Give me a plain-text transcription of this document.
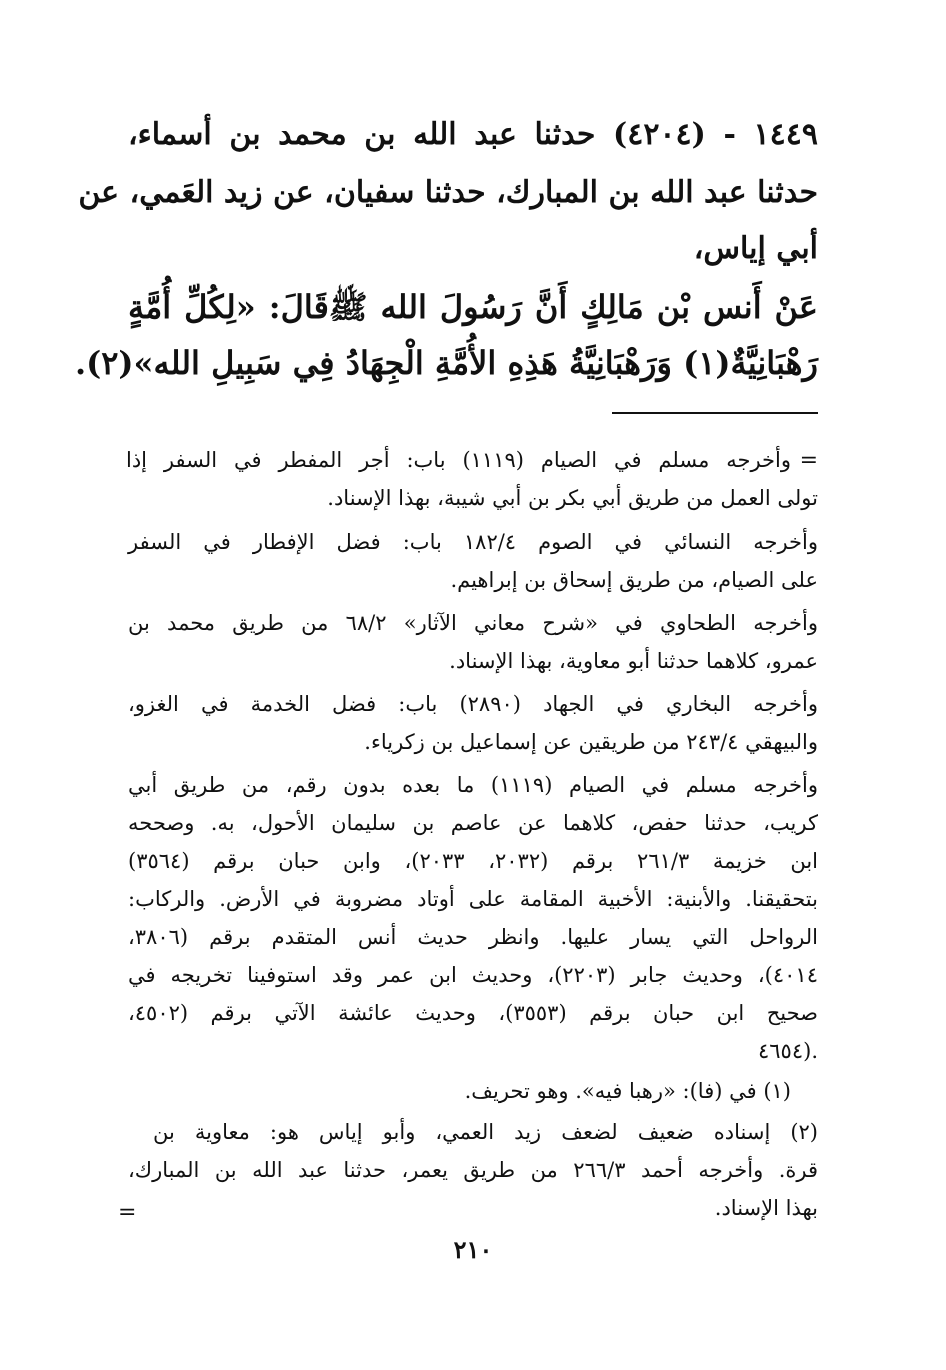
١٤٤٩ - (٤٢٠٤) حدثنا عبد الله بن محمد بن أسماء،
حدثنا عبد الله بن المبارك، حدثنا سفيان، عن زيد العَمي، عن
أبي إياس،
عَنْ أَنس بْن مَالِكٍ أَنَّ رَسُولَ الله ﷺقَالَ: «لِكُلِّ أُمَّةٍ
رَهْبَانِيَّةٌ(١) وَرَهْبَانِيَّةُ هَذِهِ الأُمَّةِ الْجِهَادُ فِي سَبِيلِ الله»(٢).
=
وأخرجه مسلم في الصيام (١١١٩) باب: أجر المفطر في السفر إذا
تولى العمل من طريق أبي بكر بن أبي شيبة، بهذا الإسناد.
وأخرجه النسائي في الصوم ١٨٢/٤ باب: فضل الإفطار في السفر
على الصيام، من طريق إسحاق بن إبراهيم.
وأخرجه الطحاوي في «شرح معاني الآثار» ٦٨/٢ من طريق محمد بن
عمرو، كلاهما حدثنا أبو معاوية، بهذا الإسناد.
وأخرجه البخاري في الجهاد (٢٨٩٠) باب: فضل الخدمة في الغزو،
والبيهقي ٢٤٣/٤ من طريقين عن إسماعيل بن زكرياء.
وأخرجه مسلم في الصيام (١١١٩) ما بعده بدون رقم، من طريق أبي
كريب، حدثنا حفص، كلاهما عن عاصم بن سليمان الأحول، به. وصححه
ابن خزيمة ٢٦١/٣ برقم (٢٠٣٢، ٢٠٣٣)، وابن حبان برقم (٣٥٦٤)
بتحقيقنا. والأبنية: الأخبية المقامة على أوتاد مضروبة في الأرض. والركاب:
الرواحل التي يسار عليها. وانظر حديث أنس المتقدم برقم (٣٨٠٦،
٤٠١٤)، وحديث جابر (٢٢٠٣)، وحديث ابن عمر وقد استوفينا تخريجه في
صحيح ابن حبان برقم (٣٥٥٣)، وحديث عائشة الآتي برقم (٤٥٠٢،
٤٦٥٤).
(١) في (فا): «رهبا فيه». وهو تحريف.
(٢) إسناده ضعيف لضعف زيد العمي، وأبو إياس هو: معاوية بن
قرة. وأخرجه أحمد ٢٦٦/٣ من طريق يعمر، حدثنا عبد الله بن المبارك،
بهذا الإسناد.
=
٢١٠
